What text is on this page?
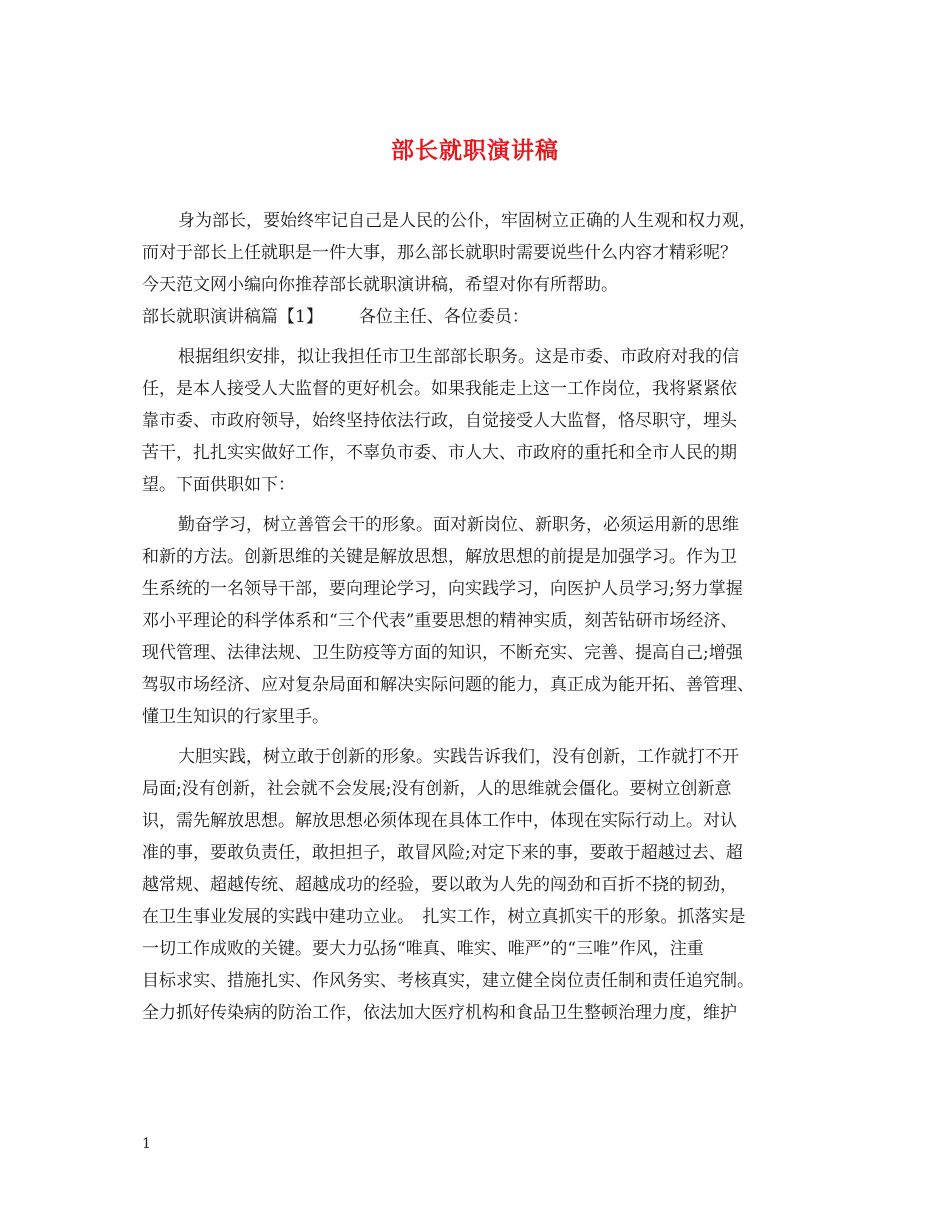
部长就职演讲稿
身为部长，要始终牢记自己是人民的公仆，牢固树立正确的人生观和权力观，
而对于部长上任就职是一件大事，那么部长就职时需要说些什么内容才精彩呢？
今天范文网小编向你推荐部长就职演讲稿，希望对你有所帮助。
部长就职演讲稿篇【1】 各位主任、各位委员：
根据组织安排，拟让我担任市卫生部部长职务。这是市委、市政府对我的信
任，是本人接受人大监督的更好机会。如果我能走上这一工作岗位，我将紧紧依
靠市委、市政府领导，始终坚持依法行政，自觉接受人大监督，恪尽职守，埋头
苦干，扎扎实实做好工作，不辜负市委、市人大、市政府的重托和全市人民的期
望。下面供职如下：
勤奋学习，树立善管会干的形象。面对新岗位、新职务，必须运用新的思维
和新的方法。创新思维的关键是解放思想，解放思想的前提是加强学习。作为卫
生系统的一名领导干部，要向理论学习，向实践学习，向医护人员学习;努力掌握
邓小平理论的科学体系和“三个代表”重要思想的精神实质，刻苦钻研市场经济、
现代管理、法律法规、卫生防疫等方面的知识，不断充实、完善、提高自己;增强
驾驭市场经济、应对复杂局面和解决实际问题的能力，真正成为能开拓、善管理、
懂卫生知识的行家里手。
大胆实践，树立敢于创新的形象。实践告诉我们，没有创新，工作就打不开
局面;没有创新，社会就不会发展;没有创新，人的思维就会僵化。要树立创新意
识，需先解放思想。解放思想必须体现在具体工作中，体现在实际行动上。对认
准的事，要敢负责任，敢担担子，敢冒风险;对定下来的事，要敢于超越过去、超
越常规、超越传统、超越成功的经验，要以敢为人先的闯劲和百折不挠的韧劲，
在卫生事业发展的实践中建功立业。　扎实工作，树立真抓实干的形象。抓落实是
一切工作成败的关键。要大力弘扬“唯真、唯实、唯严”的“三唯”作风，注重
目标求实、措施扎实、作风务实、考核真实，建立健全岗位责任制和责任追究制。
全力抓好传染病的防治工作，依法加大医疗机构和食品卫生整顿治理力度，维护
1
